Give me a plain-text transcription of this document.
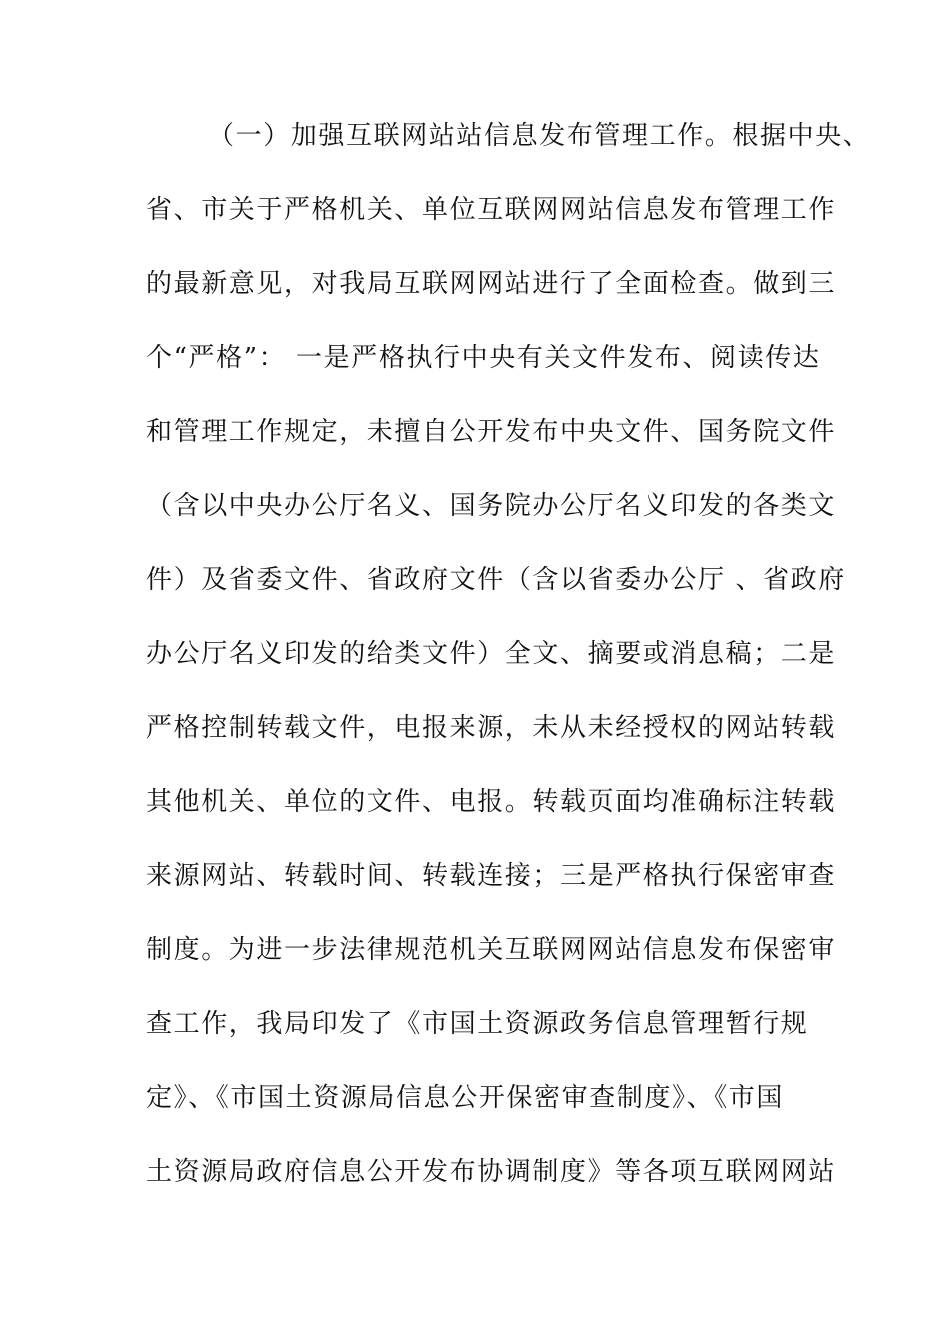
（一）加强互联网站站信息发布管理工作。根据中央、
省、市关于严格机关、单位互联网网站信息发布管理工作
的最新意见，对我局互联网网站进行了全面检查。做到三
个“严格”： 一是严格执行中央有关文件发布、阅读传达
和管理工作规定，未擅自公开发布中央文件、国务院文件
（含以中央办公厅名义、国务院办公厅名义印发的各类文
件）及省委文件、省政府文件（含以省委办公厅 、省政府
办公厅名义印发的给类文件）全文、摘要或消息稿；二是
严格控制转载文件，电报来源，未从未经授权的网站转载
其他机关、单位的文件、电报。转载页面均准确标注转载
来源网站、转载时间、转载连接；三是严格执行保密审查
制度。为进一步法律规范机关互联网网站信息发布保密审
查工作，我局印发了《市国土资源政务信息管理暂行规
定》、《市国土资源局信息公开保密审查制度》、《市国
土资源局政府信息公开发布协调制度》等各项互联网网站
